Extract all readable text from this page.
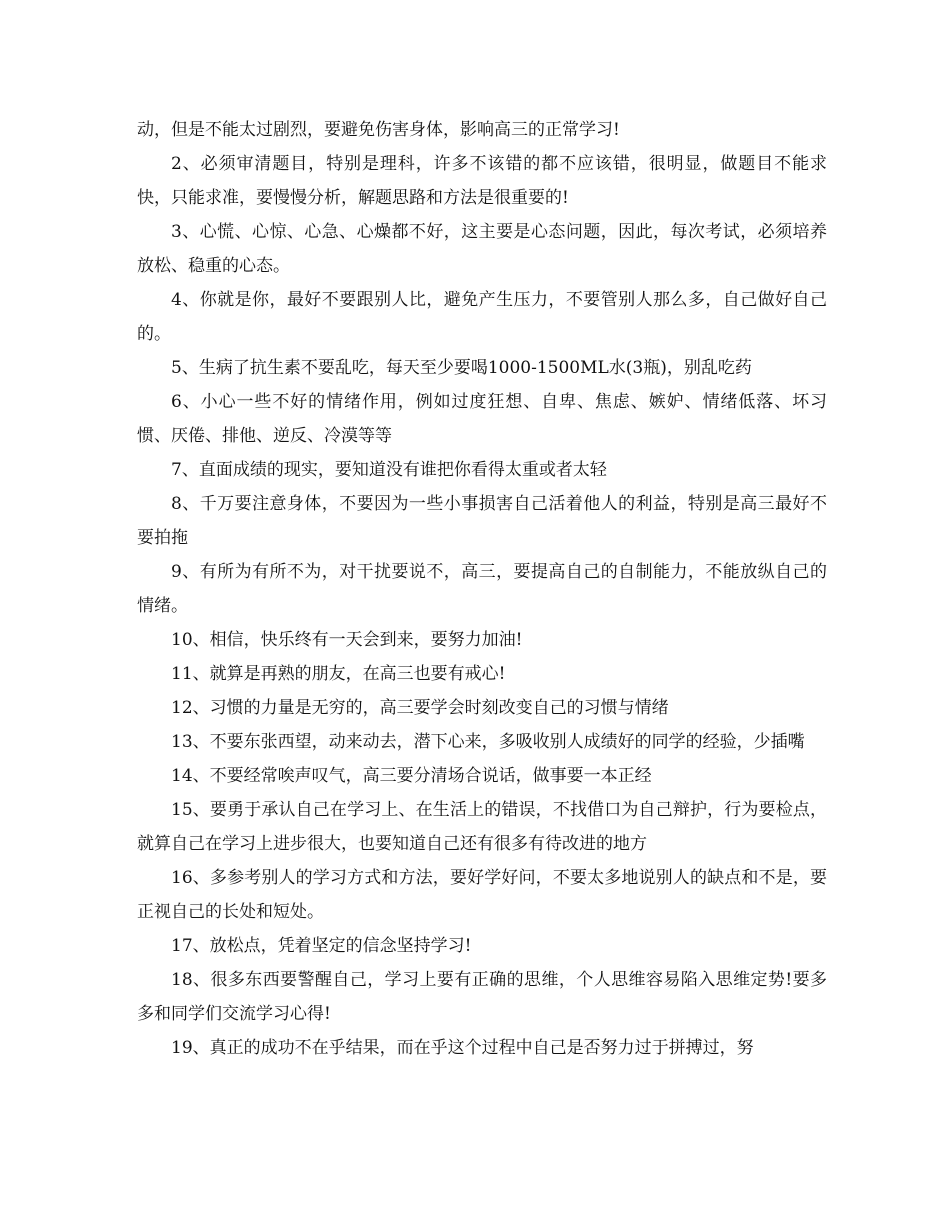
动，但是不能太过剧烈，要避免伤害身体，影响高三的正常学习!

2、必须审清题目，特别是理科，许多不该错的都不应该错，很明显，做题目不能求快，只能求准，要慢慢分析，解题思路和方法是很重要的!

3、心慌、心惊、心急、心燥都不好，这主要是心态问题，因此，每次考试，必须培养放松、稳重的心态。

4、你就是你，最好不要跟别人比，避免产生压力，不要管别人那么多，自己做好自己的。

5、生病了抗生素不要乱吃，每天至少要喝1000-1500ML水(3瓶)，别乱吃药

6、小心一些不好的情绪作用，例如过度狂想、自卑、焦虑、嫉妒、情绪低落、坏习惯、厌倦、排他、逆反、冷漠等等

7、直面成绩的现实，要知道没有谁把你看得太重或者太轻

8、千万要注意身体，不要因为一些小事损害自己活着他人的利益，特别是高三最好不要拍拖

9、有所为有所不为，对干扰要说不，高三，要提高自己的自制能力，不能放纵自己的情绪。

10、相信，快乐终有一天会到来，要努力加油!

11、就算是再熟的朋友，在高三也要有戒心!

12、习惯的力量是无穷的，高三要学会时刻改变自己的习惯与情绪

13、不要东张西望，动来动去，潜下心来，多吸收别人成绩好的同学的经验，少插嘴

14、不要经常唉声叹气，高三要分清场合说话，做事要一本正经

15、要勇于承认自己在学习上、在生活上的错误，不找借口为自己辩护，行为要检点，就算自己在学习上进步很大，也要知道自己还有很多有待改进的地方

16、多参考别人的学习方式和方法，要好学好问，不要太多地说别人的缺点和不是，要正视自己的长处和短处。

17、放松点，凭着坚定的信念坚持学习!

18、很多东西要警醒自己，学习上要有正确的思维，个人思维容易陷入思维定势!要多多和同学们交流学习心得!

19、真正的成功不在乎结果，而在乎这个过程中自己是否努力过于拼搏过，努
